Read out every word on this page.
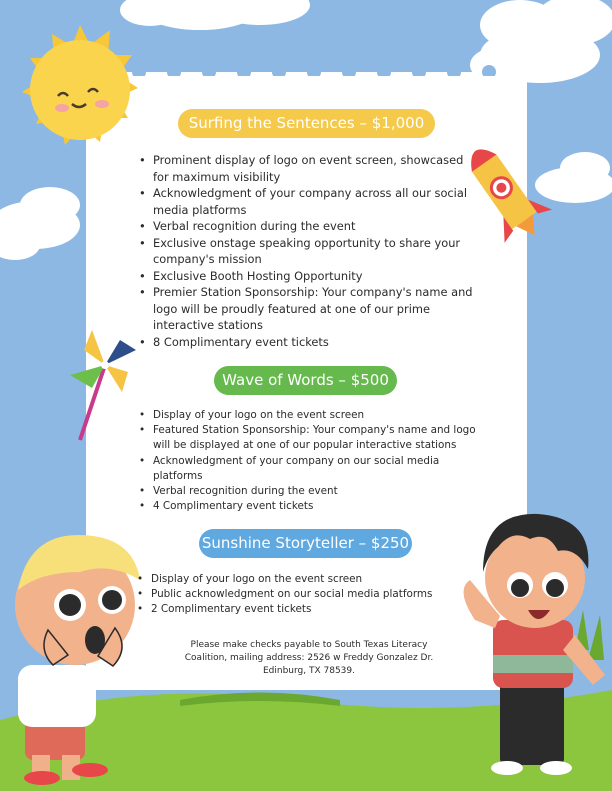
Surfing the Sentences – $1,000
• Prominent display of logo on event screen, showcased for maximum visibility
• Acknowledgment of your company across all our social media platforms
• Verbal recognition during the event
• Exclusive onstage speaking opportunity to share your company's mission
• Exclusive Booth Hosting Opportunity
• Premier Station Sponsorship: Your company's name and logo will be proudly featured at one of our prime interactive stations
• 8 Complimentary event tickets
Wave of Words – $500
• Display of your logo on the event screen
• Featured Station Sponsorship: Your company's name and logo will be displayed at one of our popular interactive stations
• Acknowledgment of your company on our social media platforms
• Verbal recognition during the event
• 4 Complimentary event tickets
Sunshine Storyteller – $250
• Display of your logo on the event screen
• Public acknowledgment on our social media platforms
• 2 Complimentary event tickets
Please make checks payable to South Texas Literacy Coalition, mailing address: 2526 w Freddy Gonzalez Dr. Edinburg, TX 78539.
